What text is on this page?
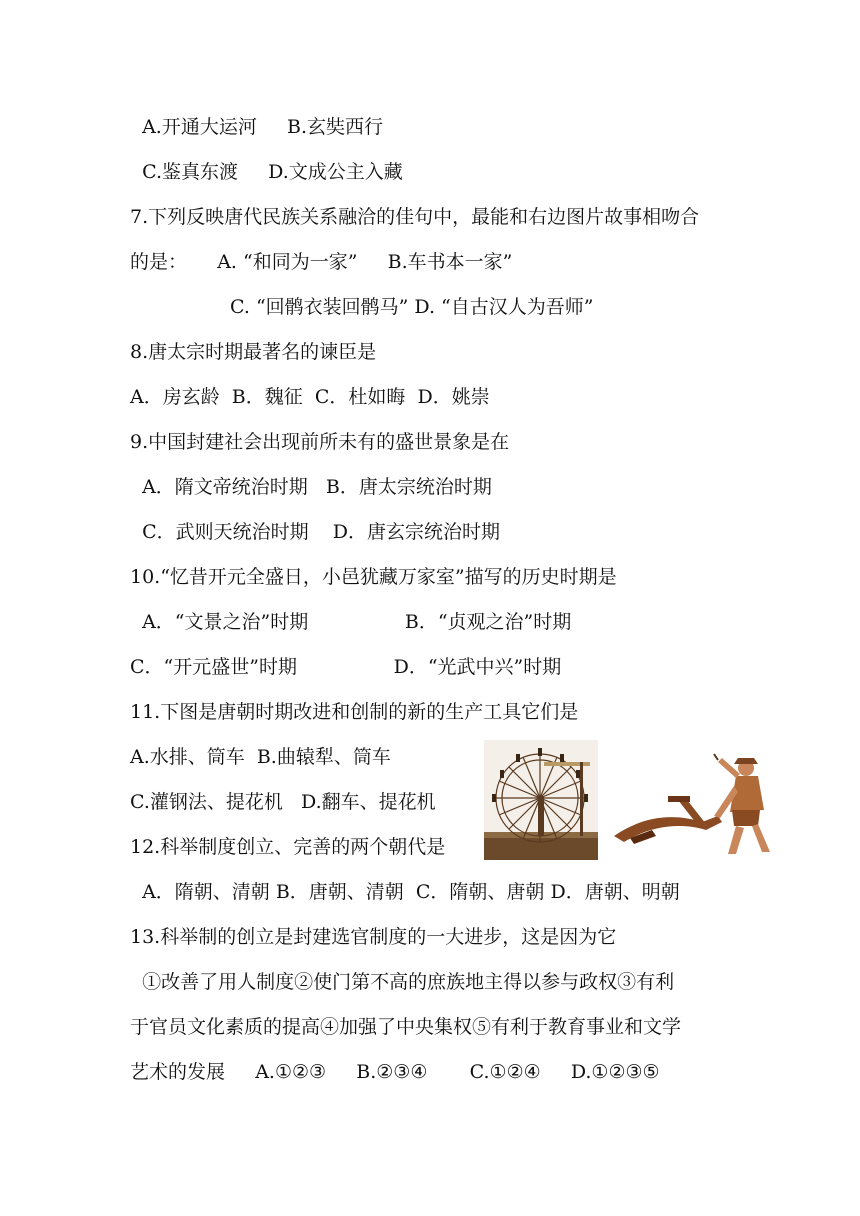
A.开通大运河     B.玄奘西行
C.鉴真东渡     D.文成公主入藏
7.下列反映唐代民族关系融洽的佳句中，最能和右边图片故事相吻合
的是：     A. “和同为一家”     B.车书本一家”
C. “回鹘衣装回鹘马” D. “自古汉人为吾师”
8.唐太宗时期最著名的谏臣是
A．房玄龄  B．魏征  C．杜如晦  D．姚崇
9.中国封建社会出现前所未有的盛世景象是在
A．隋文帝统治时期   B．唐太宗统治时期
C．武则天统治时期    D．唐玄宗统治时期
10.“忆昔开元全盛日，小邑犹藏万家室”描写的历史时期是
A．“文景之治”时期                B．“贞观之治”时期
C．“开元盛世”时期                D．“光武中兴”时期
11.下图是唐朝时期改进和创制的新的生产工具它们是
A.水排、筒车  B.曲辕犁、筒车
C.灌钢法、提花机   D.翻车、提花机
12.科举制度创立、完善的两个朝代是
A．隋朝、清朝 B．唐朝、清朝  C．隋朝、唐朝 D．唐朝、明朝
13.科举制的创立是封建选官制度的一大进步，这是因为它
①改善了用人制度②使门第不高的庶族地主得以参与政权③有利
于官员文化素质的提高④加强了中央集权⑤有利于教育事业和文学
艺术的发展     A.①②③     B.②③④       C.①②④     D.①②③⑤
